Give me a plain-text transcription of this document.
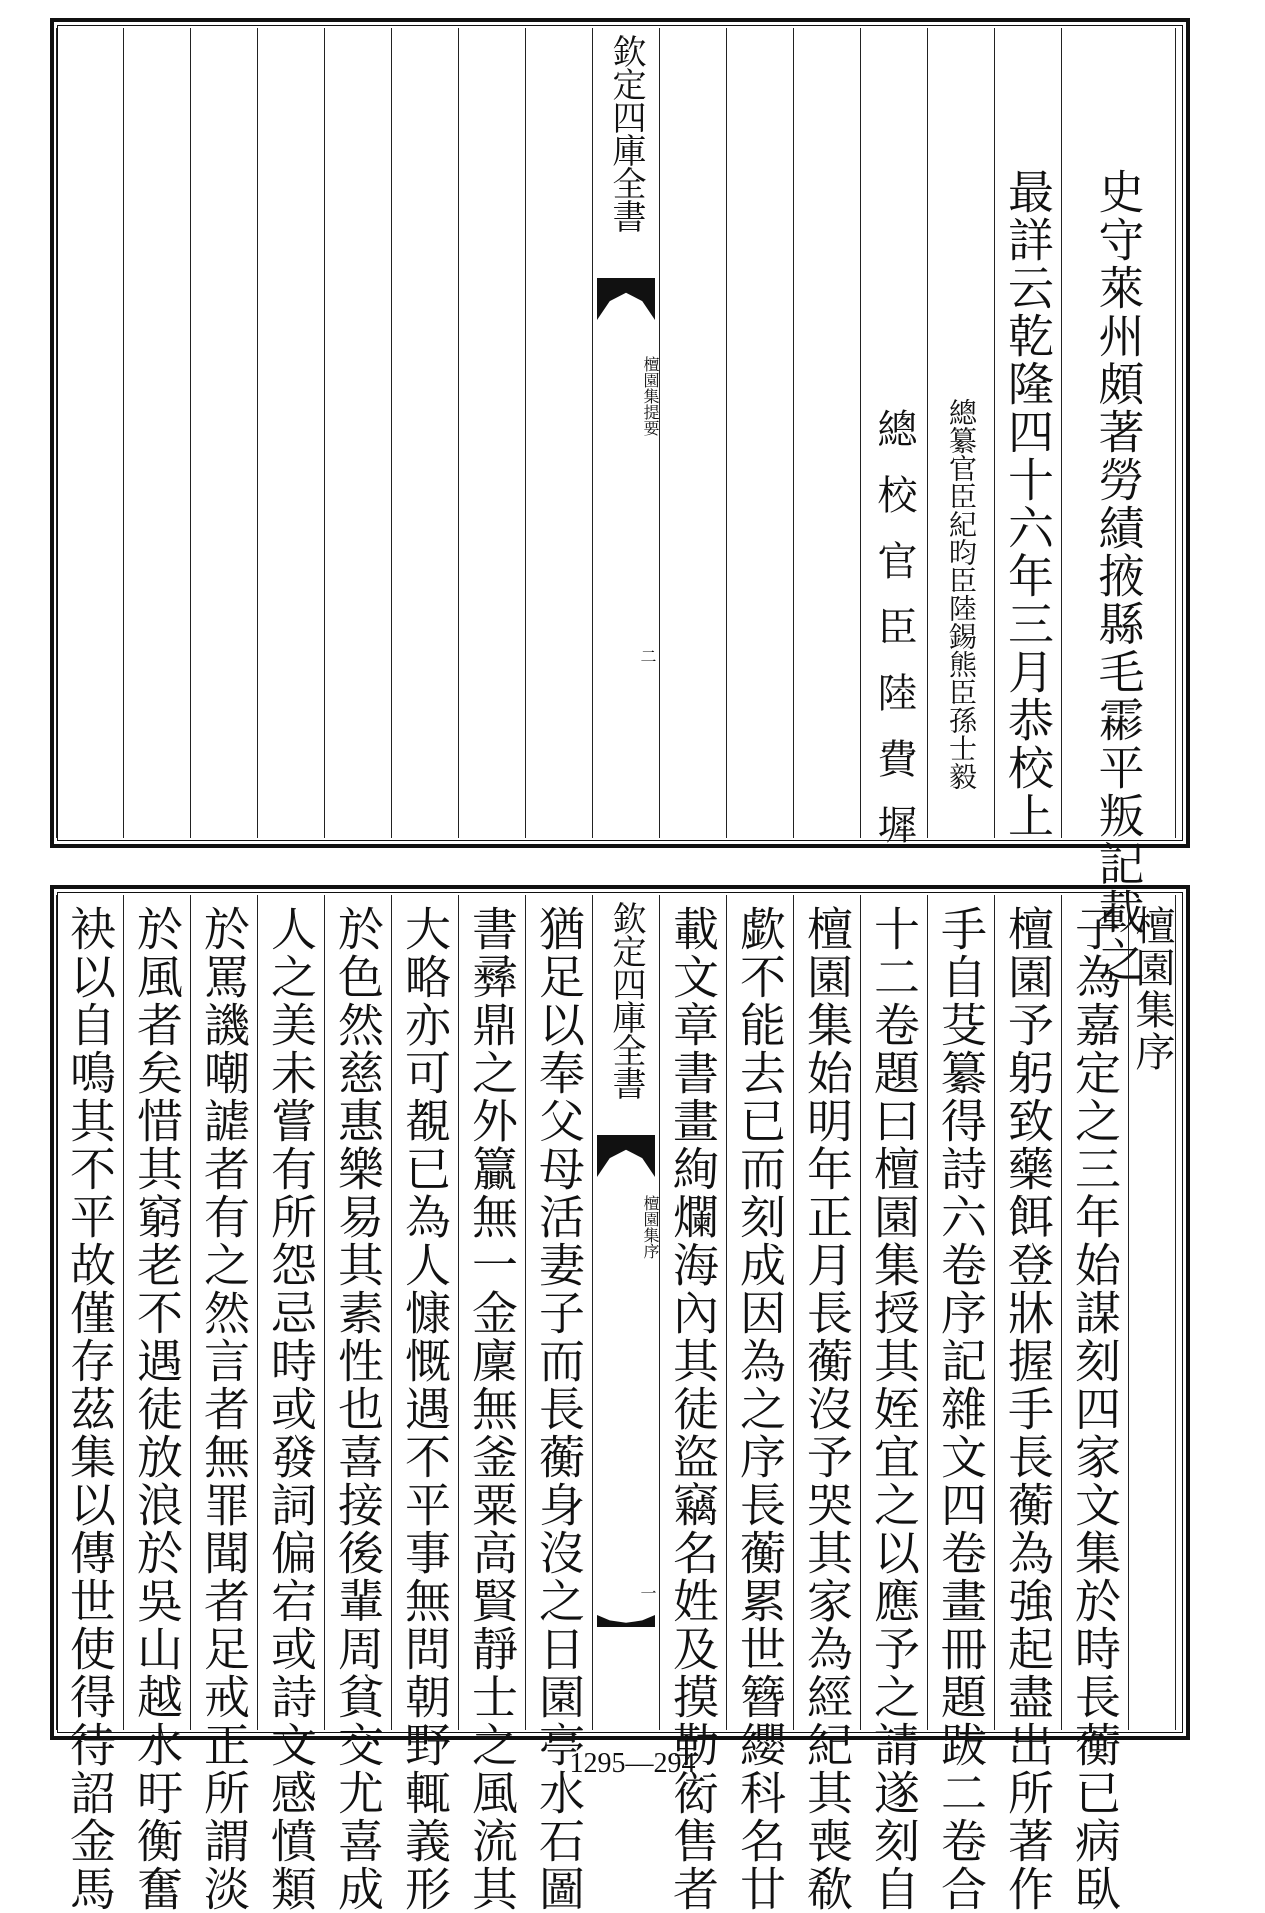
欽定四庫全書
檀園集
提要
二	總校官臣陸費墀	總纂官臣紀昀臣陸錫熊臣孫士毅 最詳云乾隆四十六年三月恭校上 史守萊州頗著勞績掖縣毛霦平叛記載之
袂以自鳴其不平故僅存茲集以傳世使得待詔金馬 於風者矣惜其窮老不遇徒放浪於吳山越水旴衡奮 於罵譏嘲謔者有之然言者無罪聞者足戒正所謂淡 人之美未嘗有所怨忌時或發詞偏宕或詩文感憤類 於色然慈惠樂易其素性也喜接後輩周貧交尤喜成 大略亦可覩已為人慷慨遇不平事無問朝野輒義形 書彞鼎之外籯無一金廩無釜粟高賢靜士之風流其 猶足以奉父母活妻子而長蘅身沒之日園亭水石圖 欽定四庫全書
檀園集
序
一 載文章書畫絢爛海內其徒盜竊名姓及摸勒衒售者 歔不能去已而刻成因為之序長蘅累世簪纓科名廿 檀園集始明年正月長蘅沒予哭其家為經紀其喪欷 十二卷題曰檀園集授其姪宜之以應予之請遂刻自 手自芟纂得詩六卷序記雜文四卷畫冊題跋二卷合 檀園予躬致藥餌登牀握手長蘅為強起盡出所著作 子為嘉定之三年始謀刻四家文集於時長蘅已病臥 檀園集序
1295—294
